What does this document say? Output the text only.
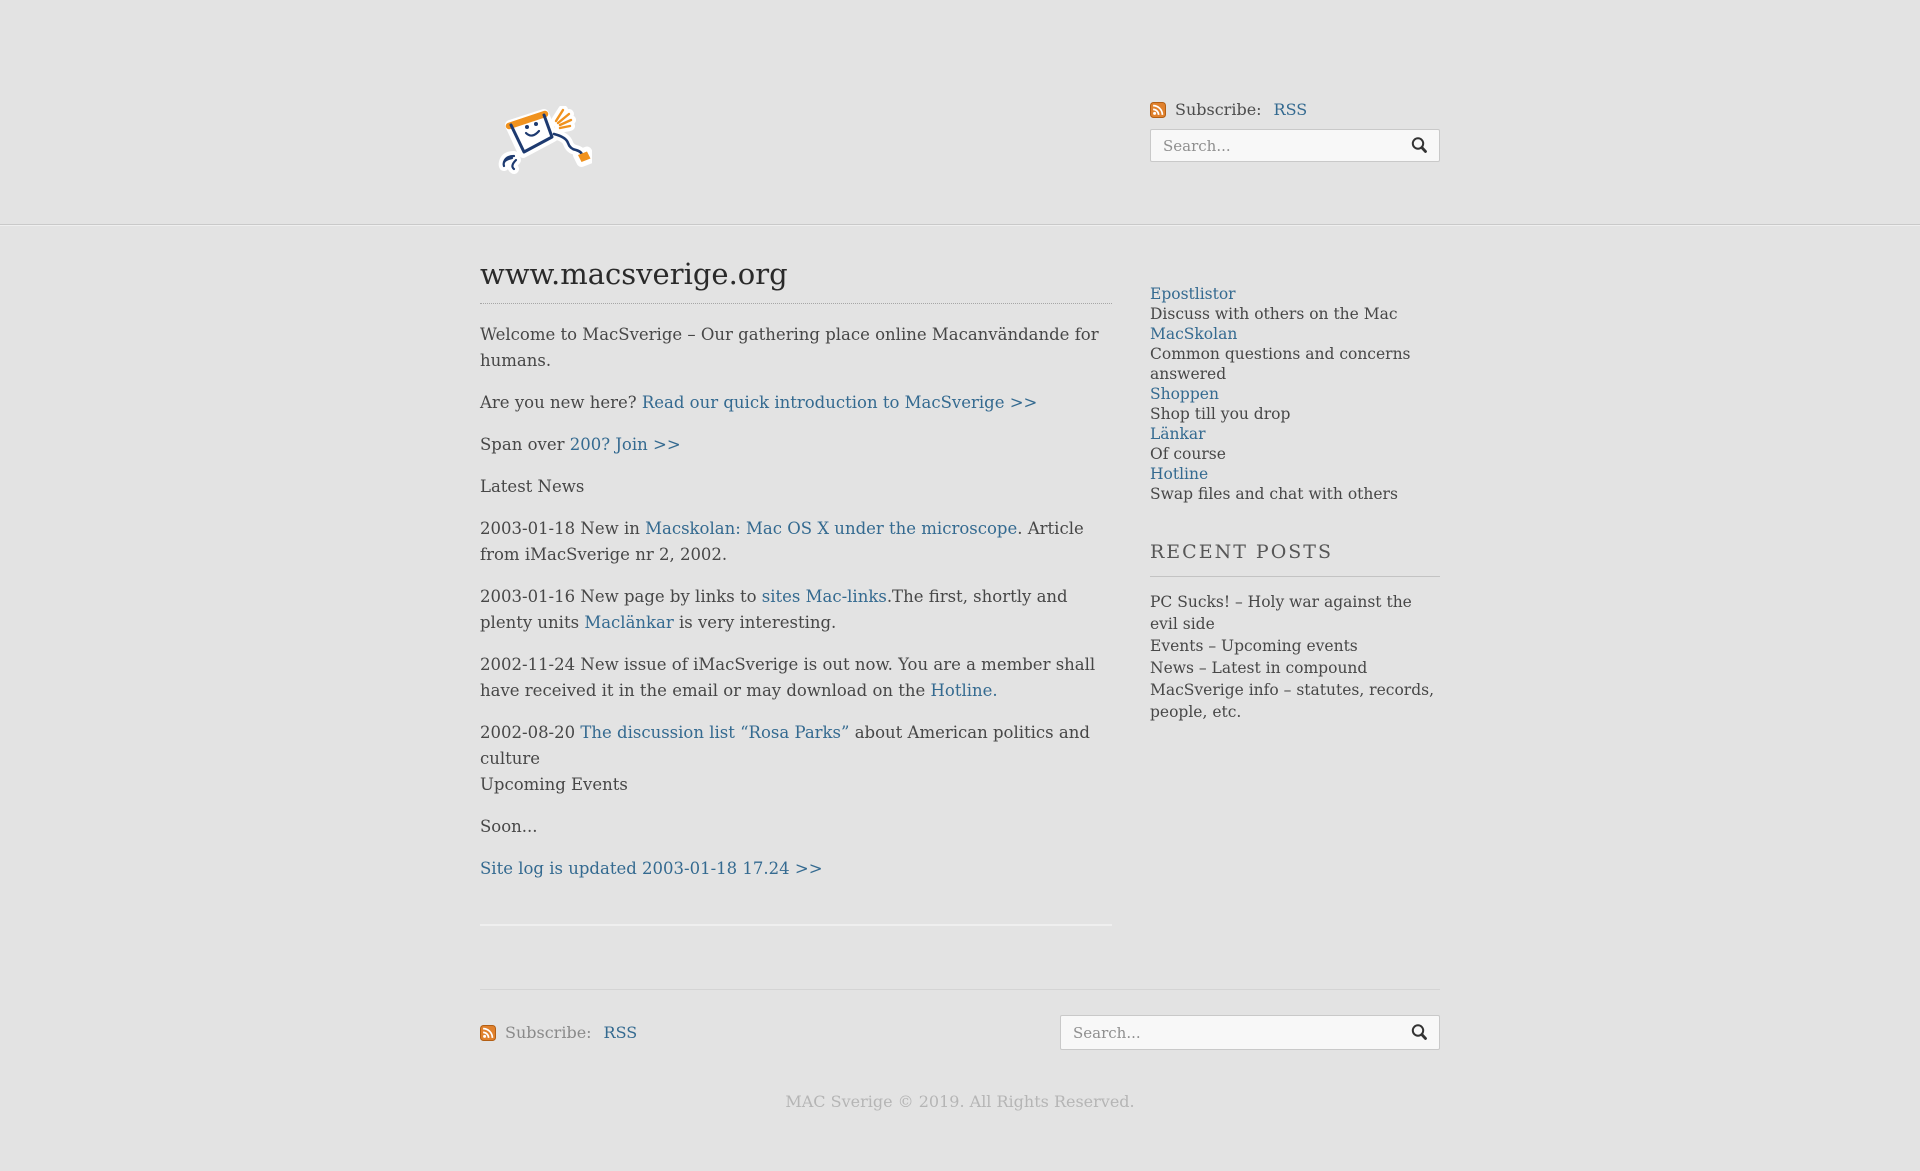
Subscribe: RSS
Search...
www.macsverige.org

Welcome to MacSverige – Our gathering place online Macanvändande for humans.

Are you new here? Read our quick introduction to MacSverige >>

Span over 200? Join >>

Latest News

2003-01-18 New in Macskolan: Mac OS X under the microscope. Article from iMacSverige nr 2, 2002.

2003-01-16 New page by links to sites Mac-links.The first, shortly and plenty units Maclänkar is very interesting.

2002-11-24 New issue of iMacSverige is out now. You are a member shall have received it in the email or may download on the Hotline.

2002-08-20 The discussion list “Rosa Parks” about American politics and culture

Upcoming Events

Soon...

Site log is updated 2003-01-18 17.24 >>

Epostlistor
Discuss with others on the Mac
MacSkolan
Common questions and concerns answered
Shoppen
Shop till you drop
Länkar
Of course
Hotline
Swap files and chat with others
RECENT POSTS
PC Sucks! – Holy war against the evil side
Events – Upcoming events
News – Latest in compound
MacSverige info – statutes, records, people, etc.
Subscribe: RSS
Search...
MAC Sverige © 2019. All Rights Reserved.
